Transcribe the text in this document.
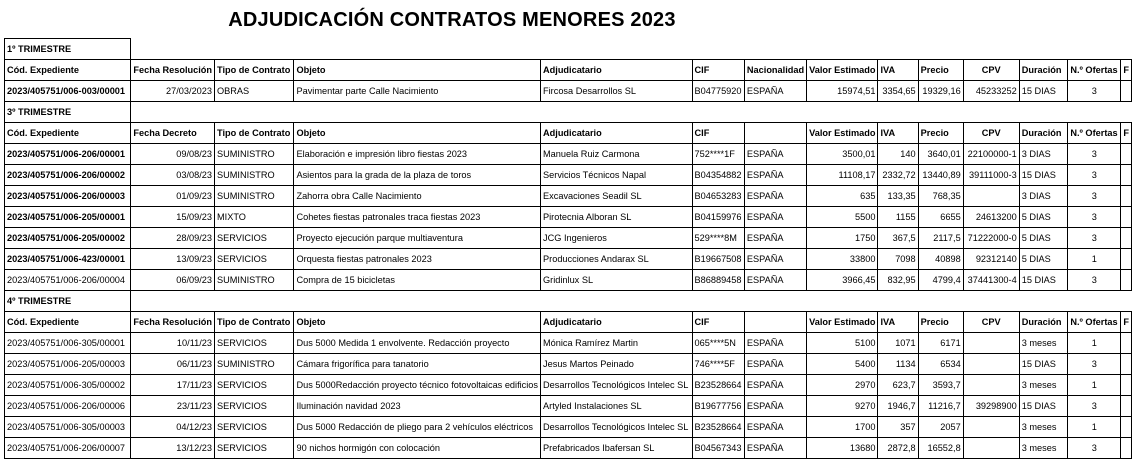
ADJUDICACIÓN CONTRATOS MENORES 2023
1º TRIMESTRE													
Cód. Expediente	Fecha Resolución	Tipo de Contrato	Objeto	Adjudicatario	CIF	Nacionalidad	Valor Estimado	IVA	Precio	CPV	Duración	N.º Ofertas	F
2023/405751/006-003/00001	27/03/2023	OBRAS	Pavimentar parte Calle Nacimiento	Fircosa Desarrollos SL	B04775920	ESPAÑA	15974,51	3354,65	19329,16	45233252	15 DIAS	3	
3º TRIMESTRE													
Cód. Expediente	Fecha Decreto	Tipo de Contrato	Objeto	Adjudicatario	CIF		Valor Estimado	IVA	Precio	CPV	Duración	N.º Ofertas	F
2023/405751/006-206/00001	09/08/23	SUMINISTRO	Elaboración e impresión libro fiestas 2023	Manuela Ruiz Carmona	752****1F	ESPAÑA	3500,01	140	3640,01	22100000-1	3 DIAS	3	
2023/405751/006-206/00002	03/08/23	SUMINISTRO	Asientos para la grada de la plaza de toros	Servicios Técnicos Napal	B04354882	ESPAÑA	11108,17	2332,72	13440,89	39111000-3	15 DIAS	3	
2023/405751/006-206/00003	01/09/23	SUMINISTRO	Zahorra obra Calle Nacimiento	Excavaciones Seadil SL	B04653283	ESPAÑA	635	133,35	768,35		3 DIAS	3	
2023/405751/006-205/00001	15/09/23	MIXTO	Cohetes fiestas patronales traca fiestas 2023	Pirotecnia Alboran SL	B04159976	ESPAÑA	5500	1155	6655	24613200	5 DIAS	3	
2023/405751/006-205/00002	28/09/23	SERVICIOS	Proyecto ejecución parque multiaventura	JCG Ingenieros	529****8M	ESPAÑA	1750	367,5	2117,5	71222000-0	5 DIAS	3	
2023/405751/006-423/00001	13/09/23	SERVICIOS	Orquesta fiestas patronales 2023	Producciones Andarax SL	B19667508	ESPAÑA	33800	7098	40898	92312140	5 DIAS	1	
2023/405751/006-206/00004	06/09/23	SUMINISTRO	Compra de 15 bicicletas	Gridinlux SL	B86889458	ESPAÑA	3966,45	832,95	4799,4	37441300-4	15 DIAS	3	
4º TRIMESTRE													
Cód. Expediente	Fecha Resolución	Tipo de Contrato	Objeto	Adjudicatario	CIF		Valor Estimado	IVA	Precio	CPV	Duración	N.º Ofertas	F
2023/405751/006-305/00001	10/11/23	SERVICIOS	Dus 5000 Medida 1 envolvente. Redacción proyecto	Mónica Ramírez Martin	065****5N	ESPAÑA	5100	1071	6171		3 meses	1	
2023/405751/006-205/00003	06/11/23	SUMINISTRO	Cámara frigorífica para tanatorio	Jesus Martos Peinado	746****5F	ESPAÑA	5400	1134	6534		15 DIAS	3	
2023/405751/006-305/00002	17/11/23	SERVICIOS	Dus 5000Redacción proyecto técnico fotovoltaicas edificios	Desarrollos Tecnológicos Intelec SL	B23528664	ESPAÑA	2970	623,7	3593,7		3 meses	1	
2023/405751/006-206/00006	23/11/23	SERVICIOS	Iluminación navidad 2023	Artyled Instalaciones SL	B19677756	ESPAÑA	9270	1946,7	11216,7	39298900	15 DIAS	3	
2023/405751/006-305/00003	04/12/23	SERVICIOS	Dus 5000 Redacción de pliego para 2 vehículos eléctricos	Desarrollos Tecnológicos Intelec SL	B23528664	ESPAÑA	1700	357	2057		3 meses	1	
2023/405751/006-206/00007	13/12/23	SERVICIOS	90 nichos hormigón con colocación	Prefabricados Ibafersan SL	B04567343	ESPAÑA	13680	2872,8	16552,8		3 meses	3	
